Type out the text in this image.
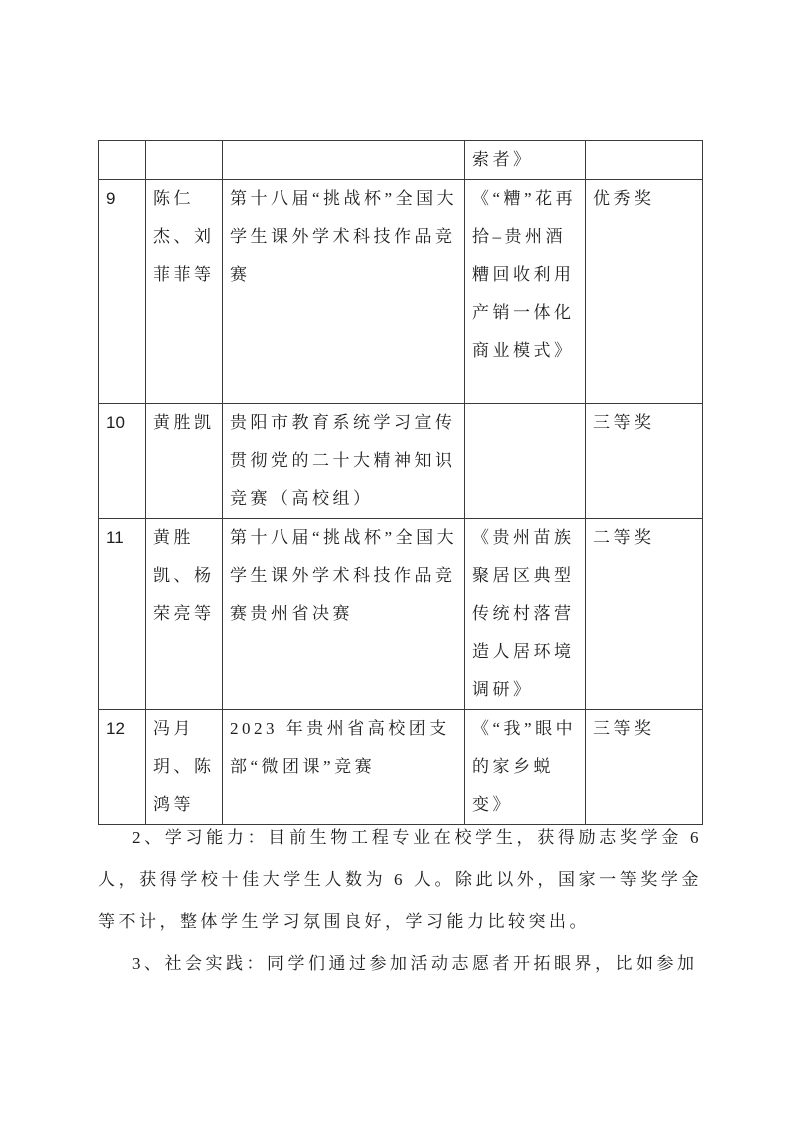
			索者》	
9	陈仁杰、刘菲菲等	第十八届“挑战杯”全国大学生课外学术科技作品竞赛	《“糟”花再拾–贵州酒糟回收利用产销一体化商业模式》	优秀奖
10	黄胜凯	贵阳市教育系统学习宣传贯彻党的二十大精神知识竞赛（高校组）		三等奖
11	黄胜凯、杨荣亮等	第十八届“挑战杯”全国大学生课外学术科技作品竞赛贵州省决赛	《贵州苗族聚居区典型传统村落营造人居环境调研》	二等奖
12	冯月玥、陈鸿等	2023 年贵州省高校团支部“微团课”竞赛	《“我”眼中的家乡蜕变》	三等奖

2、学习能力：目前生物工程专业在校学生，获得励志奖学金 6 人，获得学校十佳大学生人数为 6 人。除此以外，国家一等奖学金等不计，整体学生学习氛围良好，学习能力比较突出。

3、社会实践：同学们通过参加活动志愿者开拓眼界，比如参加
